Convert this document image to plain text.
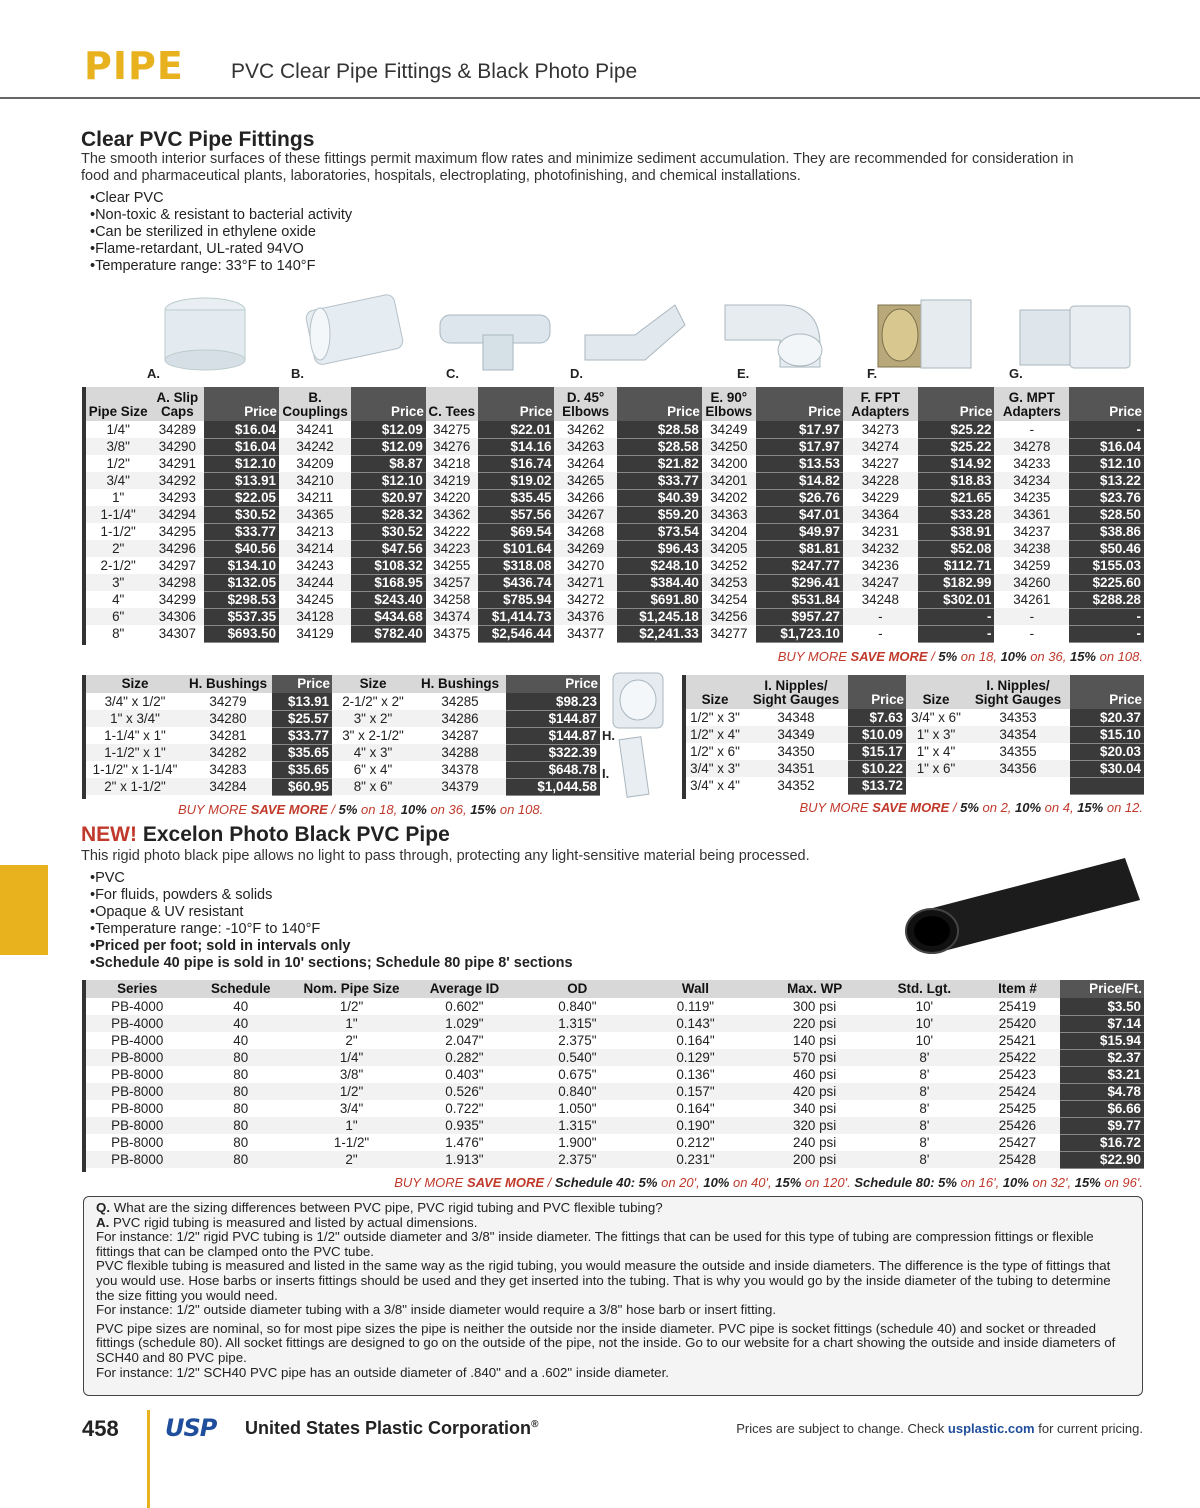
PIPE PVC Clear Pipe Fittings & Black Photo Pipe
Clear PVC Pipe Fittings
The smooth interior surfaces of these fittings permit maximum flow rates and minimize sediment accumulation. They are recommended for consideration in food and pharmaceutical plants, laboratories, hospitals, electroplating, photofinishing, and chemical installations.
• Clear PVC
• Non-toxic & resistant to bacterial activity
• Can be sterilized in ethylene oxide
• Flame-retardant, UL-rated 94VO
• Temperature range: 33°F to 140°F
A.	B.	C.	D.	E.	F.	G.
Pipe Size	A. Slip Caps	Price	B. Couplings	Price	C. Tees	Price	D. 45° Elbows	Price	E. 90° Elbows	Price	F. FPT Adapters	Price	G. MPT Adapters	Price
1/4"	34289	$16.04	34241	$12.09	34275	$22.01	34262	$28.58	34249	$17.97	34273	$25.22	-	-
3/8"	34290	$16.04	34242	$12.09	34276	$14.16	34263	$28.58	34250	$17.97	34274	$25.22	34278	$16.04
1/2"	34291	$12.10	34209	$8.87	34218	$16.74	34264	$21.82	34200	$13.53	34227	$14.92	34233	$12.10
3/4"	34292	$13.91	34210	$12.10	34219	$19.02	34265	$33.77	34201	$14.82	34228	$18.83	34234	$13.22
1"	34293	$22.05	34211	$20.97	34220	$35.45	34266	$40.39	34202	$26.76	34229	$21.65	34235	$23.76
1-1/4"	34294	$30.52	34365	$28.32	34362	$57.56	34267	$59.20	34363	$47.01	34364	$33.28	34361	$28.50
1-1/2"	34295	$33.77	34213	$30.52	34222	$69.54	34268	$73.54	34204	$49.97	34231	$38.91	34237	$38.86
2"	34296	$40.56	34214	$47.56	34223	$101.64	34269	$96.43	34205	$81.81	34232	$52.08	34238	$50.46
2-1/2"	34297	$134.10	34243	$108.32	34255	$318.08	34270	$248.10	34252	$247.77	34236	$112.71	34259	$155.03
3"	34298	$132.05	34244	$168.95	34257	$436.74	34271	$384.40	34253	$296.41	34247	$182.99	34260	$225.60
4"	34299	$298.53	34245	$243.40	34258	$785.94	34272	$691.80	34254	$531.84	34248	$302.01	34261	$288.28
6"	34306	$537.35	34128	$434.68	34374	$1,414.73	34376	$1,245.18	34256	$957.27	-	-	-	-
8"	34307	$693.50	34129	$782.40	34375	$2,546.44	34377	$2,241.33	34277	$1,723.10	-	-	-	-
BUY MORE SAVE MORE / 5% on 18, 10% on 36, 15% on 108.
Size	H. Bushings	Price	Size	H. Bushings	Price
3/4" x 1/2"	34279	$13.91	2-1/2" x 2"	34285	$98.23
1" x 3/4"	34280	$25.57	3" x 2"	34286	$144.87
1-1/4" x 1"	34281	$33.77	3" x 2-1/2"	34287	$144.87
1-1/2" x 1"	34282	$35.65	4" x 3"	34288	$322.39
1-1/2" x 1-1/4"	34283	$35.65	6" x 4"	34378	$648.78
2" x 1-1/2"	34284	$60.95	8" x 6"	34379	$1,044.58
BUY MORE SAVE MORE / 5% on 18, 10% on 36, 15% on 108.
H.
I.
Size	I. Nipples/ Sight Gauges	Price	Size	I. Nipples/ Sight Gauges	Price
1/2" x 3"	34348	$7.63	3/4" x 6"	34353	$20.37
1/2" x 4"	34349	$10.09	1" x 3"	34354	$15.10
1/2" x 6"	34350	$15.17	1" x 4"	34355	$20.03
3/4" x 3"	34351	$10.22	1" x 6"	34356	$30.04
3/4" x 4"	34352	$13.72			
BUY MORE SAVE MORE / 5% on 2, 10% on 4, 15% on 12.
NEW! Excelon Photo Black PVC Pipe
This rigid photo black pipe allows no light to pass through, protecting any light-sensitive material being processed.
• PVC
• For fluids, powders & solids
• Opaque & UV resistant
• Temperature range: -10°F to 140°F
• Priced per foot; sold in intervals only
• Schedule 40 pipe is sold in 10' sections; Schedule 80 pipe 8' sections
Series	Schedule	Nom. Pipe Size	Average ID	OD	Wall	Max. WP	Std. Lgt.	Item #	Price/Ft.
PB-4000	40	1/2"	0.602"	0.840"	0.119"	300 psi	10'	25419	$3.50
PB-4000	40	1"	1.029"	1.315"	0.143"	220 psi	10'	25420	$7.14
PB-4000	40	2"	2.047"	2.375"	0.164"	140 psi	10'	25421	$15.94
PB-8000	80	1/4"	0.282"	0.540"	0.129"	570 psi	8'	25422	$2.37
PB-8000	80	3/8"	0.403"	0.675"	0.136"	460 psi	8'	25423	$3.21
PB-8000	80	1/2"	0.526"	0.840"	0.157"	420 psi	8'	25424	$4.78
PB-8000	80	3/4"	0.722"	1.050"	0.164"	340 psi	8'	25425	$6.66
PB-8000	80	1"	0.935"	1.315"	0.190"	320 psi	8'	25426	$9.77
PB-8000	80	1-1/2"	1.476"	1.900"	0.212"	240 psi	8'	25427	$16.72
PB-8000	80	2"	1.913"	2.375"	0.231"	200 psi	8'	25428	$22.90
BUY MORE SAVE MORE / Schedule 40: 5% on 20', 10% on 40', 15% on 120'. Schedule 80: 5% on 16', 10% on 32', 15% on 96'.
Q. What are the sizing differences between PVC pipe, PVC rigid tubing and PVC flexible tubing?
A. PVC rigid tubing is measured and listed by actual dimensions.
For instance: 1/2" rigid PVC tubing is 1/2" outside diameter and 3/8" inside diameter. The fittings that can be used for this type of tubing are compression fittings or flexible fittings that can be clamped onto the PVC tube.
PVC flexible tubing is measured and listed in the same way as the rigid tubing, you would measure the outside and inside diameters. The difference is the type of fittings that you would use. Hose barbs or inserts fittings should be used and they get inserted into the tubing. That is why you would go by the inside diameter of the tubing to determine the size fitting you would need.
For instance: 1/2" outside diameter tubing with a 3/8" inside diameter would require a 3/8" hose barb or insert fitting.
PVC pipe sizes are nominal, so for most pipe sizes the pipe is neither the outside nor the inside diameter. PVC pipe is socket fittings (schedule 40) and socket or threaded fittings (schedule 80). All socket fittings are designed to go on the outside of the pipe, not the inside. Go to our website for a chart showing the outside and inside diameters of SCH40 and 80 PVC pipe.
For instance: 1/2" SCH40 PVC pipe has an outside diameter of .840" and a .602" inside diameter.
458 USP United States Plastic Corporation®	Prices are subject to change. Check usplastic.com for current pricing.
